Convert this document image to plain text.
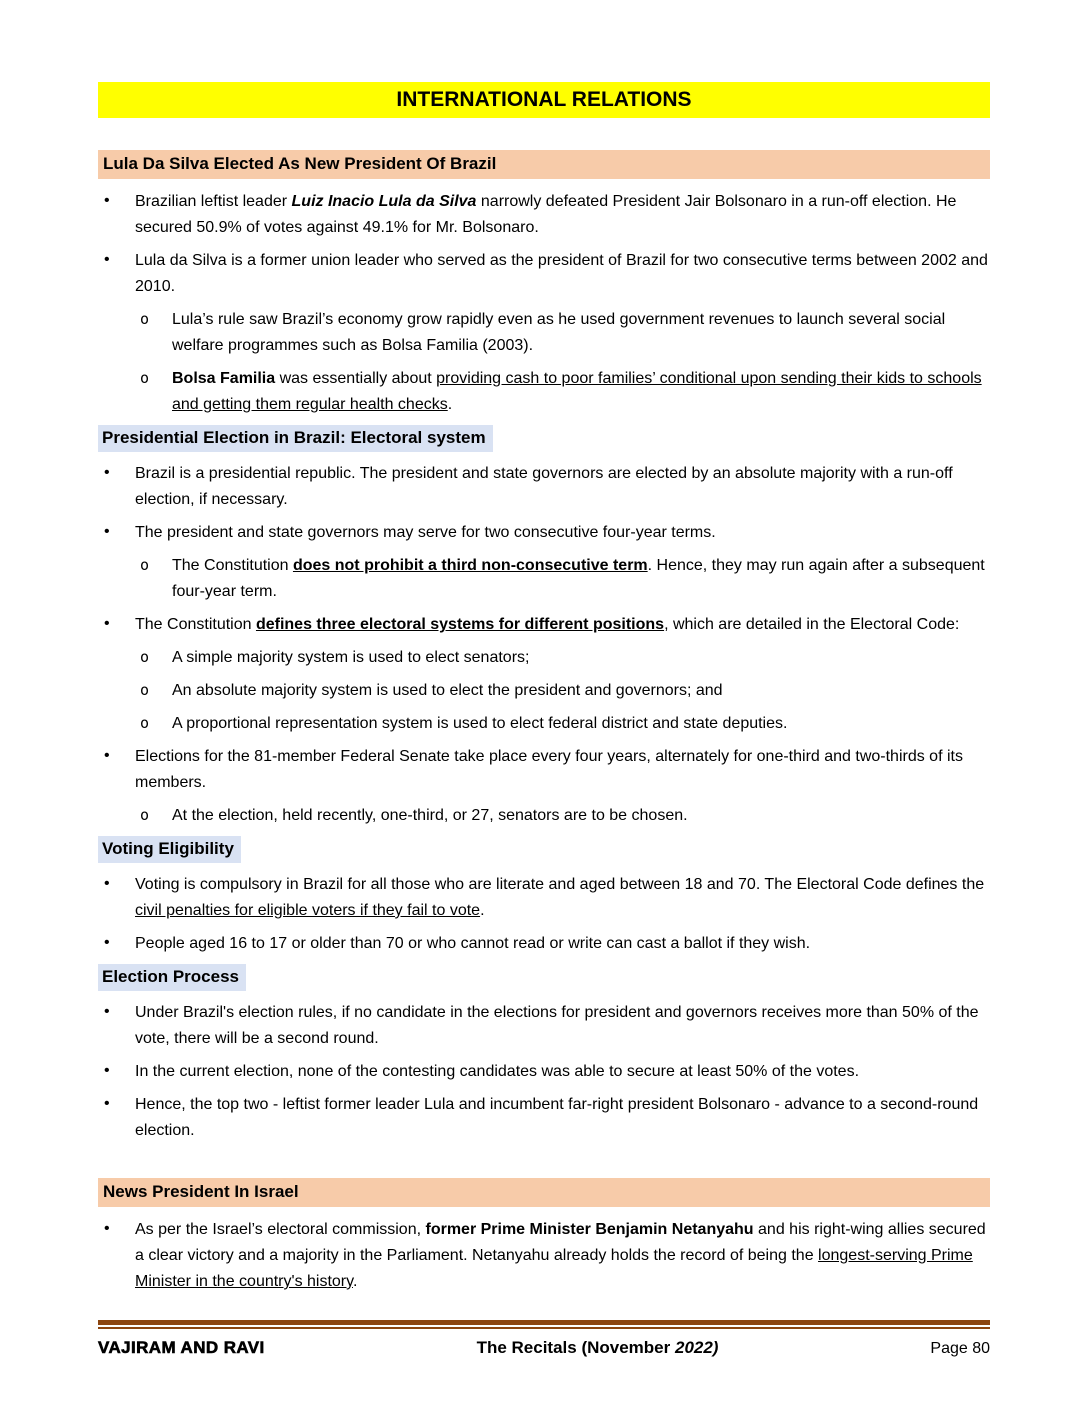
INTERNATIONAL RELATIONS
Lula Da Silva Elected As New President Of Brazil
• Brazilian leftist leader Luiz Inacio Lula da Silva narrowly defeated President Jair Bolsonaro in a run-off election. He secured 50.9% of votes against 49.1% for Mr. Bolsonaro.
• Lula da Silva is a former union leader who served as the president of Brazil for two consecutive terms between 2002 and 2010.
o Lula’s rule saw Brazil’s economy grow rapidly even as he used government revenues to launch several social welfare programmes such as Bolsa Familia (2003).
o Bolsa Familia was essentially about providing cash to poor families’ conditional upon sending their kids to schools and getting them regular health checks.
Presidential Election in Brazil: Electoral system
• Brazil is a presidential republic. The president and state governors are elected by an absolute majority with a run-off election, if necessary.
• The president and state governors may serve for two consecutive four-year terms.
o The Constitution does not prohibit a third non-consecutive term. Hence, they may run again after a subsequent four-year term.
• The Constitution defines three electoral systems for different positions, which are detailed in the Electoral Code:
o A simple majority system is used to elect senators;
o An absolute majority system is used to elect the president and governors; and
o A proportional representation system is used to elect federal district and state deputies.
• Elections for the 81-member Federal Senate take place every four years, alternately for one-third and two-thirds of its members.
o At the election, held recently, one-third, or 27, senators are to be chosen.
Voting Eligibility
• Voting is compulsory in Brazil for all those who are literate and aged between 18 and 70. The Electoral Code defines the civil penalties for eligible voters if they fail to vote.
• People aged 16 to 17 or older than 70 or who cannot read or write can cast a ballot if they wish.
Election Process
• Under Brazil's election rules, if no candidate in the elections for president and governors receives more than 50% of the vote, there will be a second round.
• In the current election, none of the contesting candidates was able to secure at least 50% of the votes.
• Hence, the top two - leftist former leader Lula and incumbent far-right president Bolsonaro - advance to a second-round election.
News President In Israel
• As per the Israel’s electoral commission, former Prime Minister Benjamin Netanyahu and his right-wing allies secured a clear victory and a majority in the Parliament. Netanyahu already holds the record of being the longest-serving Prime Minister in the country's history.
VAJIRAM AND RAVI	The Recitals (November 2022)	Page 80
